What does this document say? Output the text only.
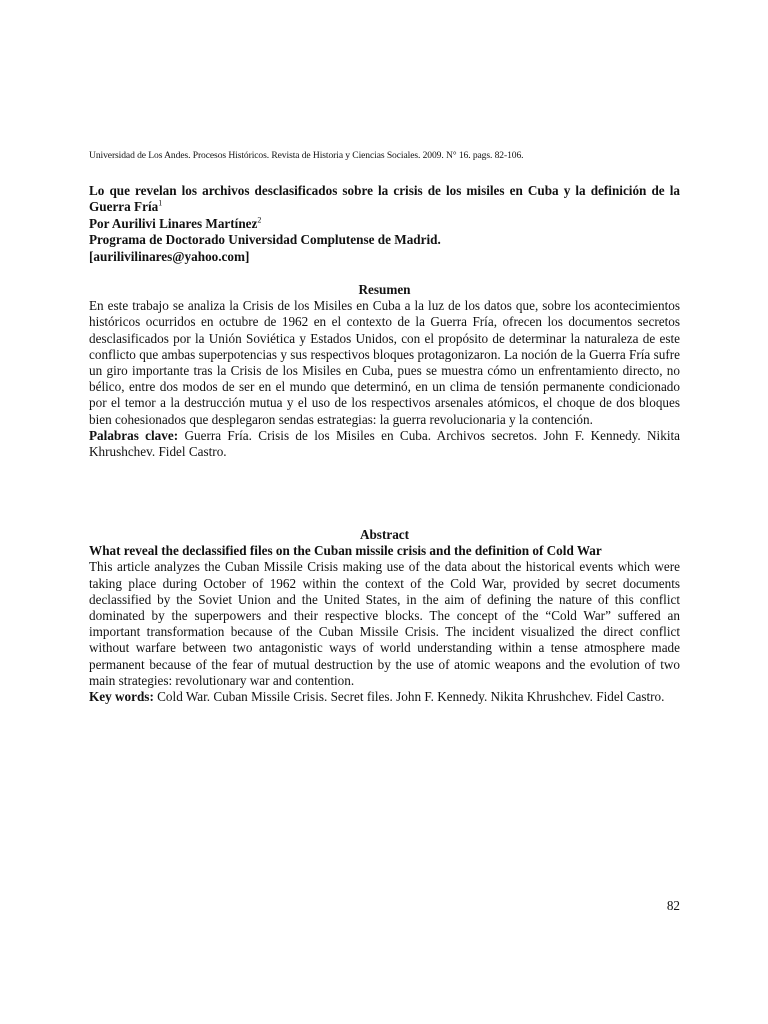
Universidad de Los Andes. Procesos Históricos. Revista de Historia y Ciencias Sociales. 2009. N° 16. pags. 82-106.
Lo que revelan los archivos desclasificados sobre la crisis de los misiles en Cuba y la definición de la Guerra Fría$^1$
Por Aurilivi Linares Martínez$^2$
Programa de Doctorado Universidad Complutense de Madrid.
[aurilivilinares@yahoo.com]
Resumen

En este trabajo se analiza la Crisis de los Misiles en Cuba a la luz de los datos que, sobre los acontecimientos históricos ocurridos en octubre de 1962 en el contexto de la Guerra Fría, ofrecen los documentos secretos desclasificados por la Unión Soviética y Estados Unidos, con el propósito de determinar la naturaleza de este conflicto que ambas superpotencias y sus respectivos bloques protagonizaron. La noción de la Guerra Fría sufre un giro importante tras la Crisis de los Misiles en Cuba, pues se muestra cómo un enfrentamiento directo, no bélico, entre dos modos de ser en el mundo que determinó, en un clima de tensión permanente condicionado por el temor a la destrucción mutua y el uso de los respectivos arsenales atómicos, el choque de dos bloques bien cohesionados que desplegaron sendas estrategias: la guerra revolucionaria y la contención.

Palabras clave: Guerra Fría. Crisis de los Misiles en Cuba. Archivos secretos. John F. Kennedy. Nikita Khrushchev. Fidel Castro.

Abstract
What reveal the declassified files on the Cuban missile crisis and the definition of Cold War

This article analyzes the Cuban Missile Crisis making use of the data about the historical events which were taking place during October of 1962 within the context of the Cold War, provided by secret documents declassified by the Soviet Union and the United States, in the aim of defining the nature of this conflict dominated by the superpowers and their respective blocks. The concept of the “Cold War” suffered an important transformation because of the Cuban Missile Crisis. The incident visualized the direct conflict without warfare between two antagonistic ways of world understanding within a tense atmosphere made permanent because of the fear of mutual destruction by the use of atomic weapons and the evolution of two main strategies: revolutionary war and contention.

Key words: Cold War. Cuban Missile Crisis. Secret files. John F. Kennedy. Nikita Khrushchev. Fidel Castro.

82
